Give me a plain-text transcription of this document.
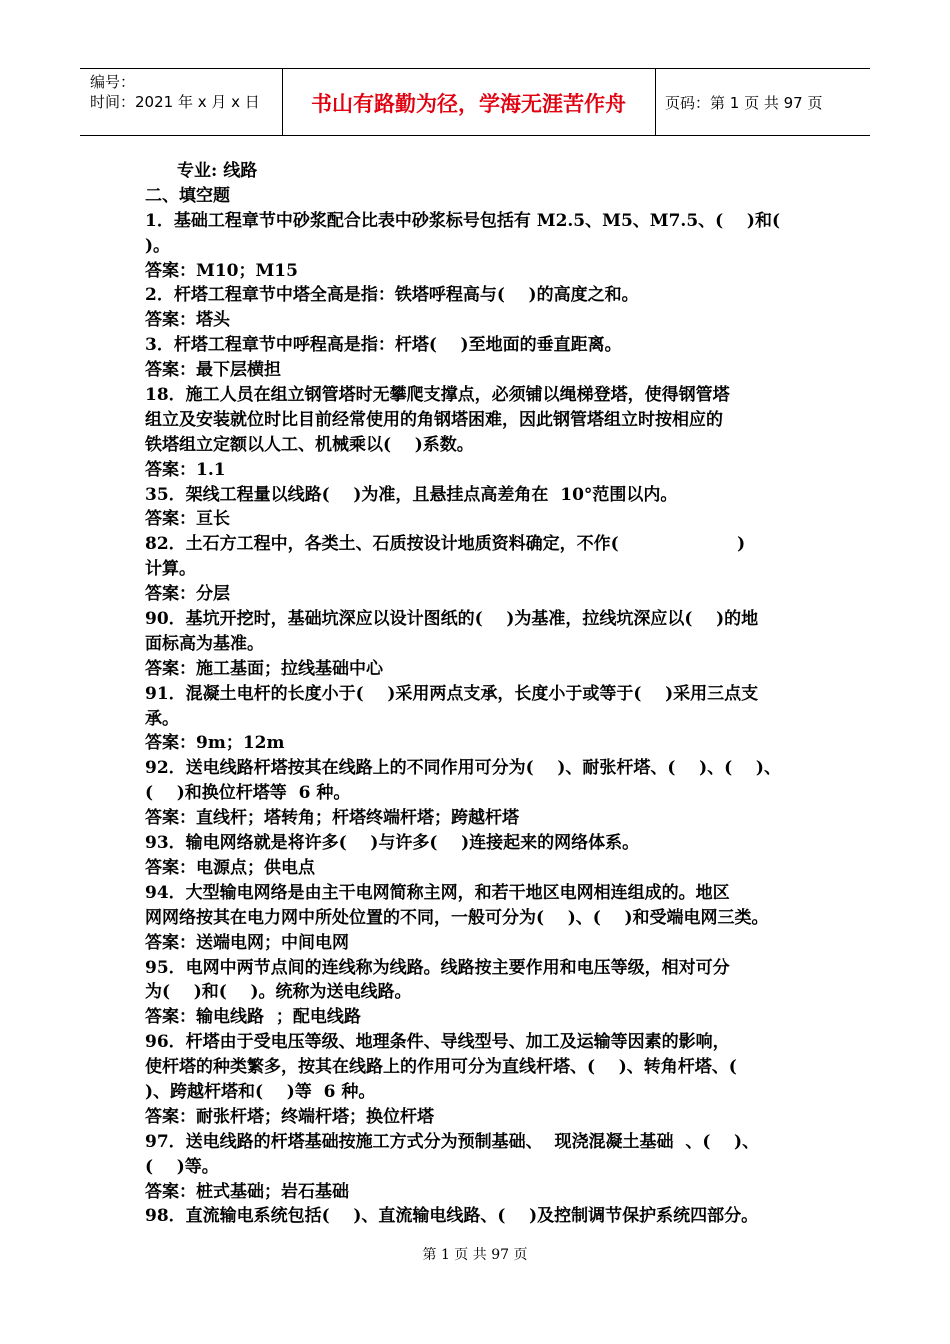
编号：
时间：2021 年 x 月 x 日	书山有路勤为径，学海无涯苦作舟	页码：第 1 页 共 97 页
专业: 线路
二、填空题
1．基础工程章节中砂浆配合比表中砂浆标号包括有 M2.5、M5、M7.5、(    )和(
)。
答案：M10；M15
2．杆塔工程章节中塔全高是指：铁塔呼程高与(    )的高度之和。
答案：塔头
3．杆塔工程章节中呼程高是指：杆塔(    )至地面的垂直距离。
答案：最下层横担
18．施工人员在组立钢管塔时无攀爬支撑点，必须铺以绳梯登塔，使得钢管塔
组立及安装就位时比目前经常使用的角钢塔困难，因此钢管塔组立时按相应的
铁塔组立定额以人工、机械乘以(    )系数。
答案：1.1
35．架线工程量以线路(    )为准，且悬挂点高差角在  10°范围以内。
答案：亘长
82．土石方工程中，各类土、石质按设计地质资料确定，不作(                    )
计算。
答案：分层
90．基坑开挖时，基础坑深应以设计图纸的(    )为基准，拉线坑深应以(    )的地
面标高为基准。
答案：施工基面；拉线基础中心
91．混凝土电杆的长度小于(    )采用两点支承，长度小于或等于(    )采用三点支
承。
答案：9m；12m
92．送电线路杆塔按其在线路上的不同作用可分为(    )、耐张杆塔、(    )、(    )、
(    )和换位杆塔等  6 种。
答案：直线杆；塔转角；杆塔终端杆塔；跨越杆塔
93．输电网络就是将许多(    )与许多(    )连接起来的网络体系。
答案：电源点；供电点
94．大型输电网络是由主干电网简称主网，和若干地区电网相连组成的。地区
网网络按其在电力网中所处位置的不同，一般可分为(    )、(    )和受端电网三类。
答案：送端电网；中间电网
95．电网中两节点间的连线称为线路。线路按主要作用和电压等级，相对可分
为(    )和(    )。统称为送电线路。
答案：输电线路  ；配电线路
96．杆塔由于受电压等级、地理条件、导线型号、加工及运输等因素的影响，
使杆塔的种类繁多，按其在线路上的作用可分为直线杆塔、(    )、转角杆塔、(
)、跨越杆塔和(    )等  6 种。
答案：耐张杆塔；终端杆塔；换位杆塔
97．送电线路的杆塔基础按施工方式分为预制基础、  现浇混凝土基础  、(    )、
(    )等。
答案：桩式基础；岩石基础
98．直流输电系统包括(    )、直流输电线路、(    )及控制调节保护系统四部分。
第 1 页 共 97 页
